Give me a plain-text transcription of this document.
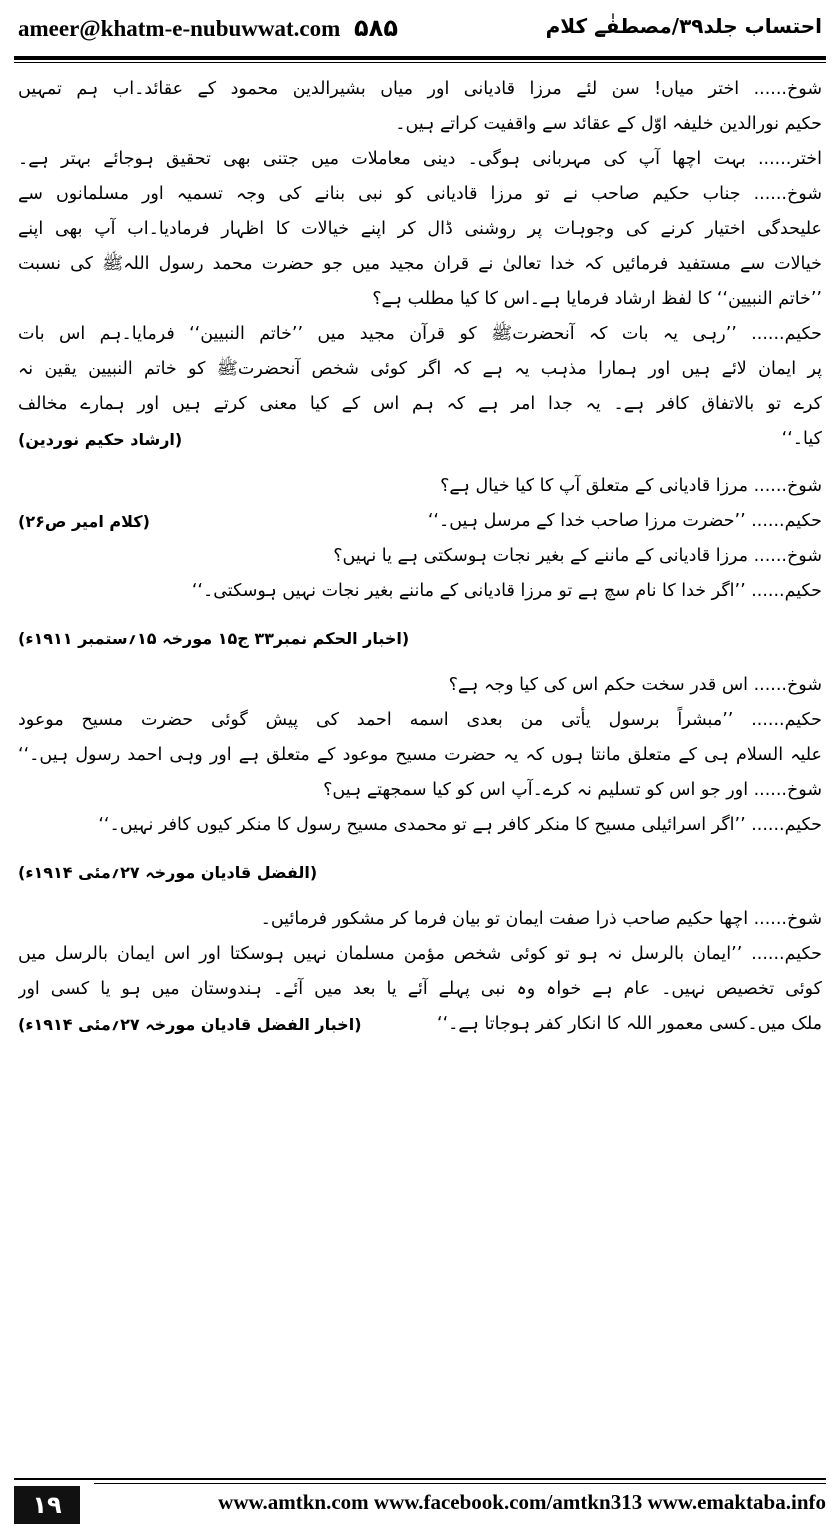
ameer@khatm-e-nubuwwat.com ۵۸۵	احتساب جلد۳۹/مصطفٰے کلام
شوخ...... اختر میاں! سن لئے مرزا قادیانی اور میاں بشیرالدین محمود کے عقائد۔اب ہم تمہیں
حکیم نورالدین خلیفہ اوّل کے عقائد سے واقفیت کراتے ہیں۔
اختر...... بہت اچھا آپ کی مہربانی ہوگی۔ دینی معاملات میں جتنی بھی تحقیق ہوجائے بہتر ہے۔
شوخ...... جناب حکیم صاحب نے تو مرزا قادیانی کو نبی بنانے کی وجہ تسمیہ اور مسلمانوں سے
علیحدگی اختیار کرنے کی وجوہات پر روشنی ڈال کر اپنے خیالات کا اظہار فرمادیا۔اب آپ بھی اپنے
خیالات سے مستفید فرمائیں کہ خدا تعالیٰ نے قران مجید میں جو حضرت محمد رسول اللہﷺ کی نسبت
’’خاتم النبیین‘‘ کا لفظ ارشاد فرمایا ہے۔اس کا کیا مطلب ہے؟
حکیم...... ’’رہی یہ بات کہ آنحضرتﷺ کو قرآن مجید میں ’’خاتم النبیین‘‘ فرمایا۔ہم اس بات
پر ایمان لائے ہیں اور ہمارا مذہب یہ ہے کہ اگر کوئی شخص آنحضرتﷺ کو خاتم النبیین یقین نہ
کرے تو بالاتفاق کافر ہے۔ یہ جدا امر ہے کہ ہم اس کے کیا معنی کرتے ہیں اور ہمارے مخالف
کیا۔‘‘
(ارشاد حکیم نوردین)
شوخ...... مرزا قادیانی کے متعلق آپ کا کیا خیال ہے؟
حکیم...... ’’حضرت مرزا صاحب خدا کے مرسل ہیں۔‘‘
(کلام امیر ص۲۶)
شوخ...... مرزا قادیانی کے ماننے کے بغیر نجات ہوسکتی ہے یا نہیں؟
حکیم...... ’’اگر خدا کا نام سچ ہے تو مرزا قادیانی کے ماننے بغیر نجات نہیں ہوسکتی۔‘‘
(اخبار الحکم نمبر۳۳ ج۱۵ مورخہ ۱۵؍ستمبر ۱۹۱۱ء)
شوخ...... اس قدر سخت حکم اس کی کیا وجہ ہے؟
حکیم...... ’’مبشراً برسول یأتی من بعدی اسمه احمد کی پیش گوئی حضرت مسیح موعود
علیہ السلام ہی کے متعلق مانتا ہوں کہ یہ حضرت مسیح موعود کے متعلق ہے اور وہی احمد رسول ہیں۔‘‘
شوخ...... اور جو اس کو تسلیم نہ کرے۔آپ اس کو کیا سمجھتے ہیں؟
حکیم...... ’’اگر اسرائیلی مسیح کا منکر کافر ہے تو محمدی مسیح رسول کا منکر کیوں کافر نہیں۔‘‘
(الفضل قادیان مورخہ ۲۷؍مئی ۱۹۱۴ء)
شوخ...... اچھا حکیم صاحب ذرا صفت ایمان تو بیان فرما کر مشکور فرمائیں۔
حکیم...... ’’ایمان بالرسل نہ ہو تو کوئی شخص مؤمن مسلمان نہیں ہوسکتا اور اس ایمان بالرسل میں
کوئی تخصیص نہیں۔ عام ہے خواہ وہ نبی پہلے آئے یا بعد میں آئے۔ ہندوستان میں ہو یا کسی اور
ملک میں۔کسی معمور اللہ کا انکار کفر ہوجاتا ہے۔‘‘
(اخبار الفضل قادیان مورخہ ۲۷؍مئی ۱۹۱۴ء)
۱۹	www.amtkn.com www.facebook.com/amtkn313 www.emaktaba.info
